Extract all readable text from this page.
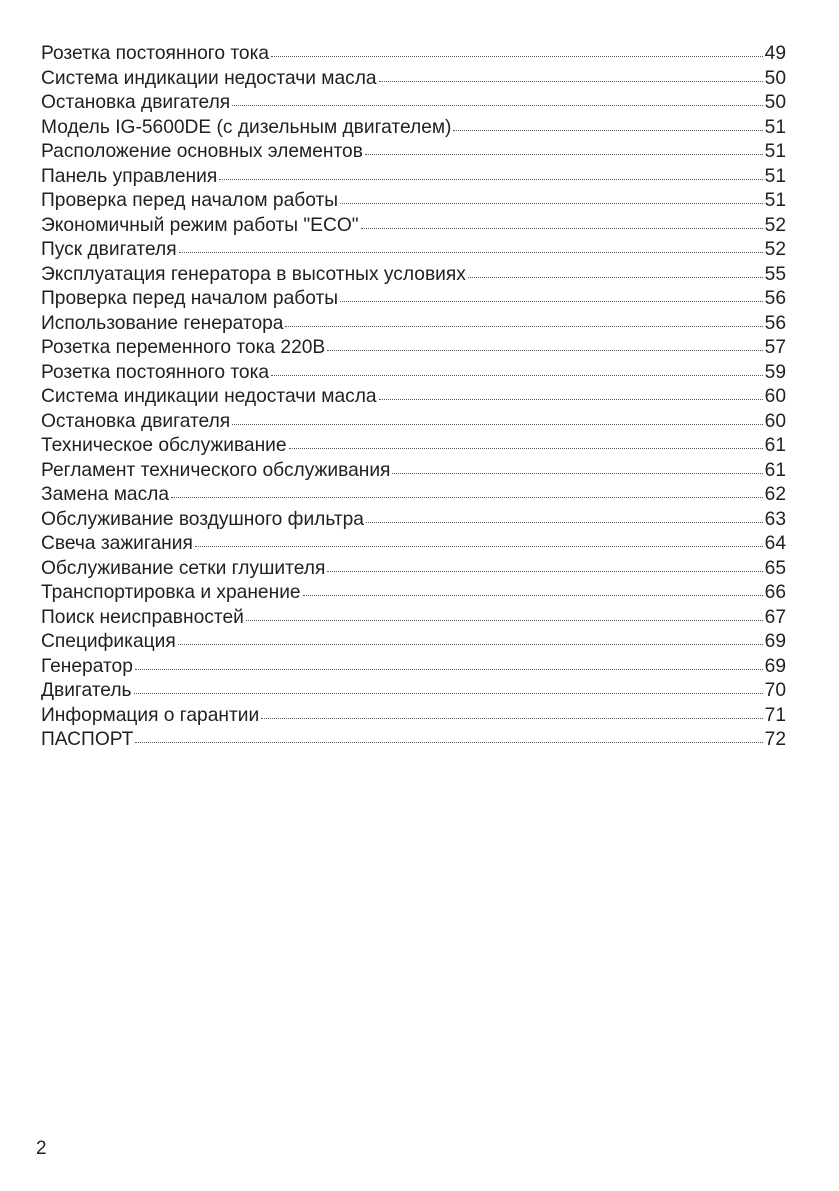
Розетка постоянного тока	49
Система индикации недостачи масла	50
Остановка двигателя	50
Модель IG-5600DE (с дизельным двигателем)	51
Расположение основных элементов	51
Панель управления	51
Проверка перед началом работы	51
Экономичный режим работы "ECO"	52
Пуск двигателя	52
Эксплуатация генератора в высотных условиях	55
Проверка перед началом работы	56
Использование генератора	56
Розетка переменного тока 220В	57
Розетка постоянного тока	59
Система индикации недостачи масла	60
Остановка двигателя	60
Техническое обслуживание	61
Регламент технического обслуживания	61
Замена масла	62
Обслуживание воздушного фильтра	63
Свеча зажигания	64
Обслуживание сетки глушителя	65
Транспортировка и хранение	66
Поиск неисправностей	67
Спецификация	69
Генератор	69
Двигатель	70
Информация о гарантии	71
ПАСПОРТ	72
2
